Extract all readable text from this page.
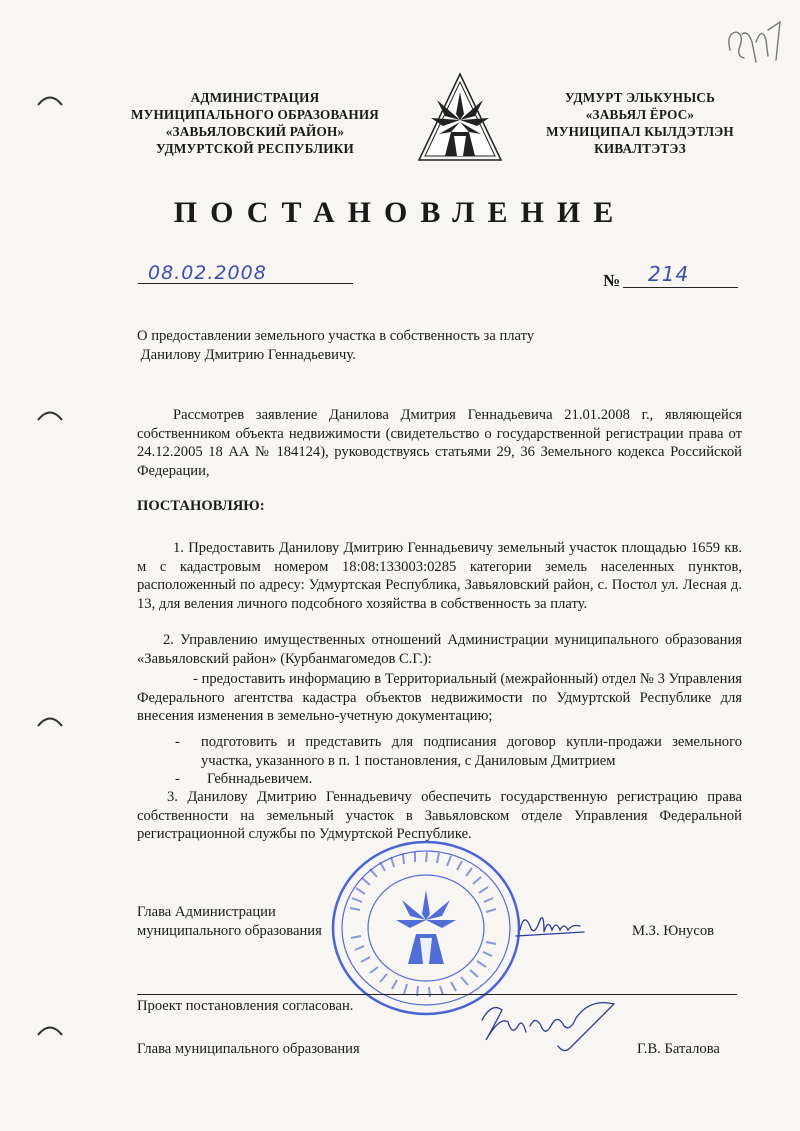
АДМИНИСТРАЦИЯ
МУНИЦИПАЛЬНОГО ОБРАЗОВАНИЯ
«ЗАВЬЯЛОВСКИЙ РАЙОН»
УДМУРТСКОЙ РЕСПУБЛИКИ
УДМУРТ ЭЛЬКУНЫСЬ
«ЗАВЬЯЛ ЁРОС»
МУНИЦИПАЛ КЫЛДЭТЛЭН
КИВАЛТЭТЭЗ
ПОСТАНОВЛЕНИЕ
08.02.2008	№ 214
О предоставлении земельного участка в собственность за плату
Данилову Дмитрию Геннадьевичу.
Рассмотрев заявление Данилова Дмитрия Геннадьевича 21.01.2008 г., являющейся собственником объекта недвижимости (свидетельство о государственной регистрации права от 24.12.2005 18 АА № 184124), руководствуясь статьями 29, 36 Земельного кодекса Российской Федерации,
ПОСТАНОВЛЯЮ:
1. Предоставить Данилову Дмитрию Геннадьевичу земельный участок площадью 1659 кв. м с кадастровым номером 18:08:133003:0285 категории земель населенных пунктов, расположенный по адресу: Удмуртская Республика, Завьяловский район, с. Постол ул. Лесная д. 13, для веления личного подсобного хозяйства в собственность за плату.
2. Управлению имущественных отношений Администрации муниципального образования «Завьяловский район» (Курбанмагомедов С.Г.):
- предоставить информацию в Территориальный (межрайонный) отдел № 3 Управления Федерального агентства кадастра объектов недвижимости по Удмуртской Республике для внесения изменения в земельно-учетную документацию;
- подготовить и представить для подписания договор купли-продажи земельного участка, указанного в п. 1 постановления, с Даниловым Дмитрием
- Гебннадьевичем.
3. Данилову Дмитрию Геннадьевичу обеспечить государственную регистрацию права собственности на земельный участок в Завьяловском отделе Управления Федеральной регистрационной службы по Удмуртской Республике.
Глава Администрации
муниципального образования	М.З. Юнусов
Проект постановления согласован.
Глава муниципального образования	Г.В. Баталова
